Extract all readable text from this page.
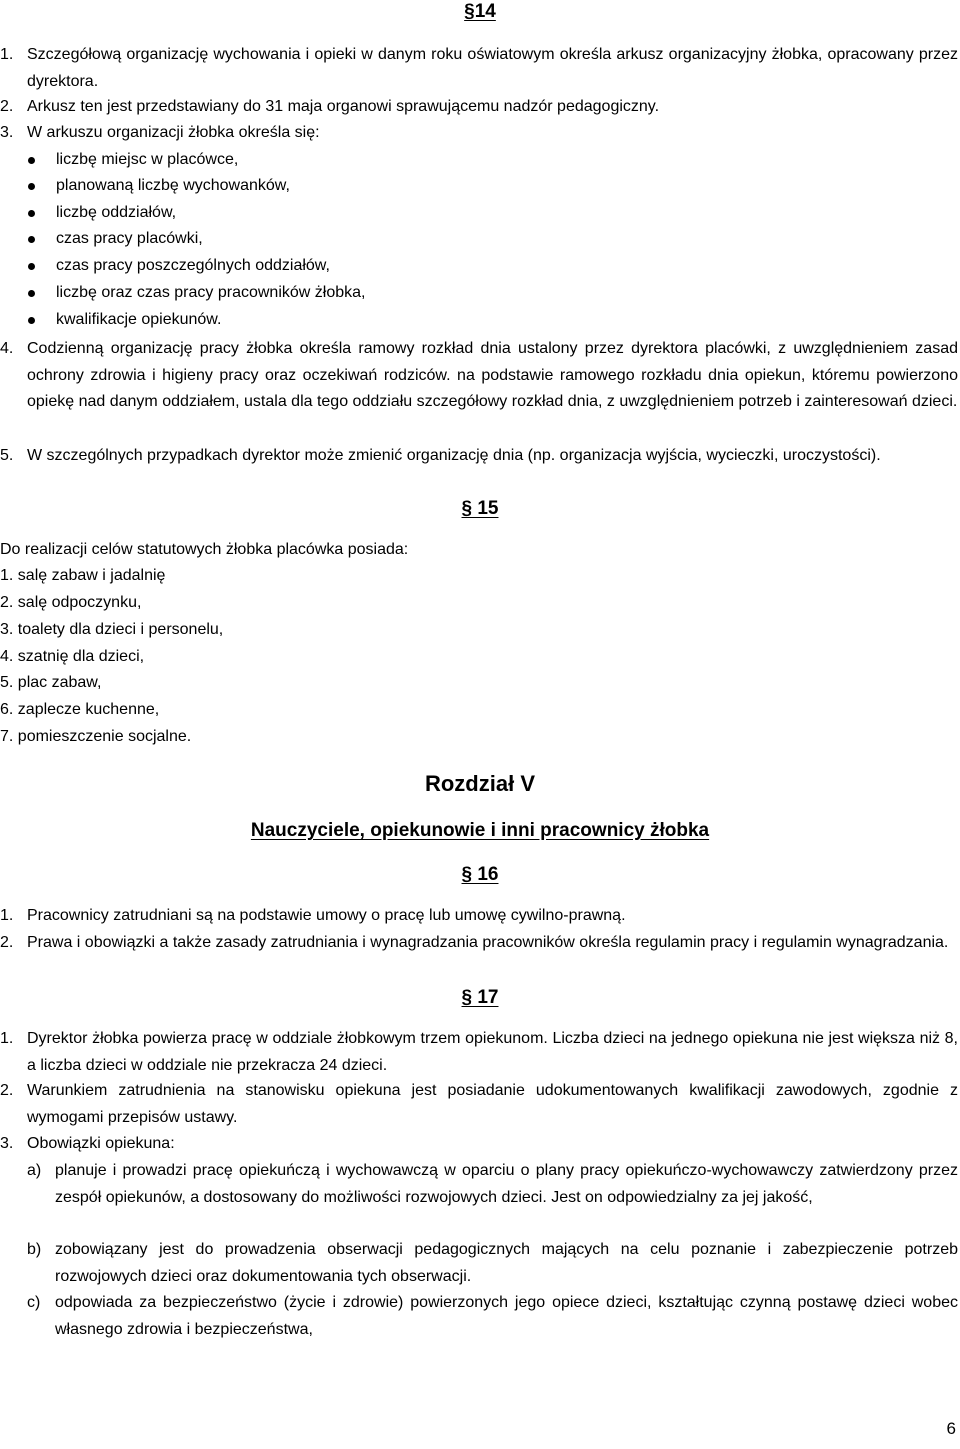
§14
1. Szczegółową organizację wychowania i opieki w danym roku oświatowym określa arkusz organizacyjny żłobka, opracowany przez dyrektora.
2. Arkusz ten jest przedstawiany do 31 maja organowi sprawującemu nadzór pedagogiczny.
3. W arkuszu organizacji żłobka określa się:
liczbę miejsc w placówce,
planowaną liczbę wychowanków,
liczbę oddziałów,
czas pracy placówki,
czas pracy poszczególnych oddziałów,
liczbę oraz czas pracy pracowników żłobka,
kwalifikacje opiekunów.
4. Codzienną organizację pracy żłobka określa ramowy rozkład dnia ustalony przez dyrektora placówki, z uwzględnieniem zasad ochrony zdrowia i higieny pracy oraz oczekiwań rodziców. na podstawie ramowego rozkładu dnia opiekun, któremu powierzono opiekę nad danym oddziałem, ustala dla tego oddziału szczegółowy rozkład dnia, z uwzględnieniem potrzeb i zainteresowań dzieci.
5. W szczególnych przypadkach dyrektor może zmienić organizację dnia (np. organizacja wyjścia, wycieczki, uroczystości).
§ 15
Do realizacji celów statutowych żłobka placówka posiada:
1. salę zabaw i jadalnię
2. salę odpoczynku,
3. toalety dla dzieci i personelu,
4. szatnię dla dzieci,
5. plac zabaw,
6. zaplecze kuchenne,
7. pomieszczenie socjalne.
Rozdział V
Nauczyciele, opiekunowie i inni pracownicy żłobka
§ 16
1. Pracownicy zatrudniani są na podstawie umowy o pracę lub umowę cywilno-prawną.
2. Prawa i obowiązki a także zasady zatrudniania i wynagradzania pracowników określa regulamin pracy i regulamin wynagradzania.
§ 17
1. Dyrektor żłobka powierza pracę w oddziale żłobkowym trzem opiekunom. Liczba dzieci na jednego opiekuna nie jest większa niż 8, a liczba dzieci w oddziale nie przekracza 24 dzieci.
2. Warunkiem zatrudnienia na stanowisku opiekuna jest posiadanie udokumentowanych kwalifikacji zawodowych, zgodnie z wymogami przepisów ustawy.
3. Obowiązki opiekuna:
a) planuje i prowadzi pracę opiekuńczą i wychowawczą w oparciu o plany pracy opiekuńczo-wychowawczy zatwierdzony przez zespół opiekunów, a dostosowany do możliwości rozwojowych dzieci. Jest on odpowiedzialny za jej jakość,
b) zobowiązany jest do prowadzenia obserwacji pedagogicznych mających na celu poznanie i zabezpieczenie potrzeb rozwojowych dzieci oraz dokumentowania tych obserwacji.
c) odpowiada za bezpieczeństwo (życie i zdrowie) powierzonych jego opiece dzieci, kształtując czynną postawę dzieci wobec własnego zdrowia i bezpieczeństwa,
6
